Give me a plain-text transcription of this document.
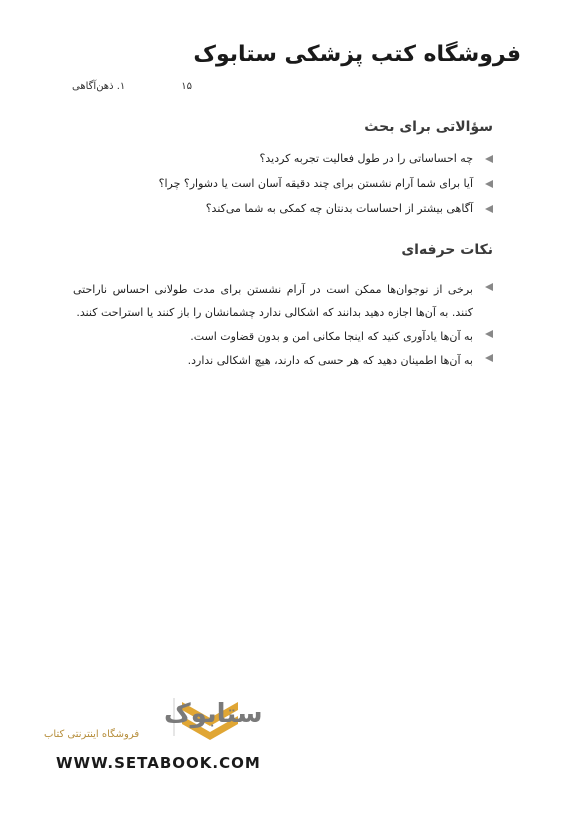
فروشگاه کتب پزشکی ستابوک
۱۵
۱. ذهن‌آگاهی
سؤالاتی برای بحث
چه احساساتی را در طول فعالیت تجربه کردید؟
آیا برای شما آرام نشستن برای چند دقیقه آسان است یا دشوار؟ چرا؟
آگاهی بیشتر از احساسات بدنتان چه کمکی به شما می‌کند؟
نکات حرفه‌ای
برخی از نوجوان‌ها ممکن است در آرام نشستن برای مدت طولانی احساس ناراحتی کنند. به آن‌ها اجازه دهید بدانند که اشکالی ندارد چشمانشان را باز کنند یا استراحت کنند.
به آن‌ها یادآوری کنید که اینجا مکانی امن و بدون قضاوت است.
به آن‌ها اطمینان دهید که هر حسی که دارند، هیچ اشکالی ندارد.
ستابوک
فروشگاه اینترنتی کتاب
WWW.SETABOOK.COM
